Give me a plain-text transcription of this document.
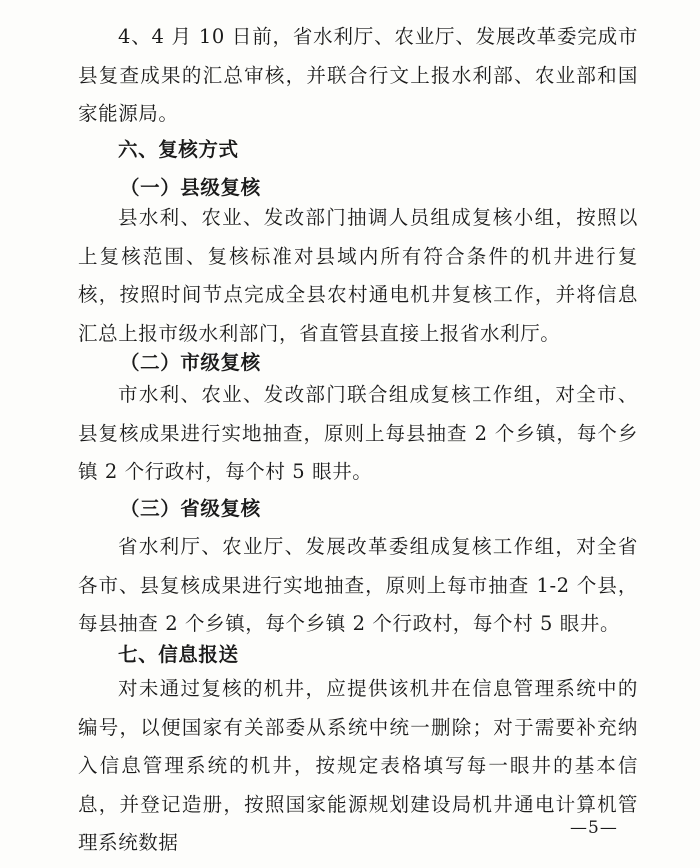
4、4 月 10 日前，省水利厅、农业厅、发展改革委完成市县复查成果的汇总审核，并联合行文上报水利部、农业部和国家能源局。

六、复核方式

（一）县级复核

县水利、农业、发改部门抽调人员组成复核小组，按照以上复核范围、复核标准对县域内所有符合条件的机井进行复核，按照时间节点完成全县农村通电机井复核工作，并将信息汇总上报市级水利部门，省直管县直接上报省水利厅。

（二）市级复核

市水利、农业、发改部门联合组成复核工作组，对全市、县复核成果进行实地抽查，原则上每县抽查 2 个乡镇，每个乡镇 2 个行政村，每个村 5 眼井。

（三）省级复核

省水利厅、农业厅、发展改革委组成复核工作组，对全省各市、县复核成果进行实地抽查，原则上每市抽查 1-2 个县，每县抽查 2 个乡镇，每个乡镇 2 个行政村，每个村 5 眼井。

七、信息报送

对未通过复核的机井，应提供该机井在信息管理系统中的编号，以便国家有关部委从系统中统一删除；对于需要补充纳入信息管理系统的机井，按规定表格填写每一眼井的基本信息，并登记造册，按照国家能源规划建设局机井通电计算机管理系统数据

—5—
